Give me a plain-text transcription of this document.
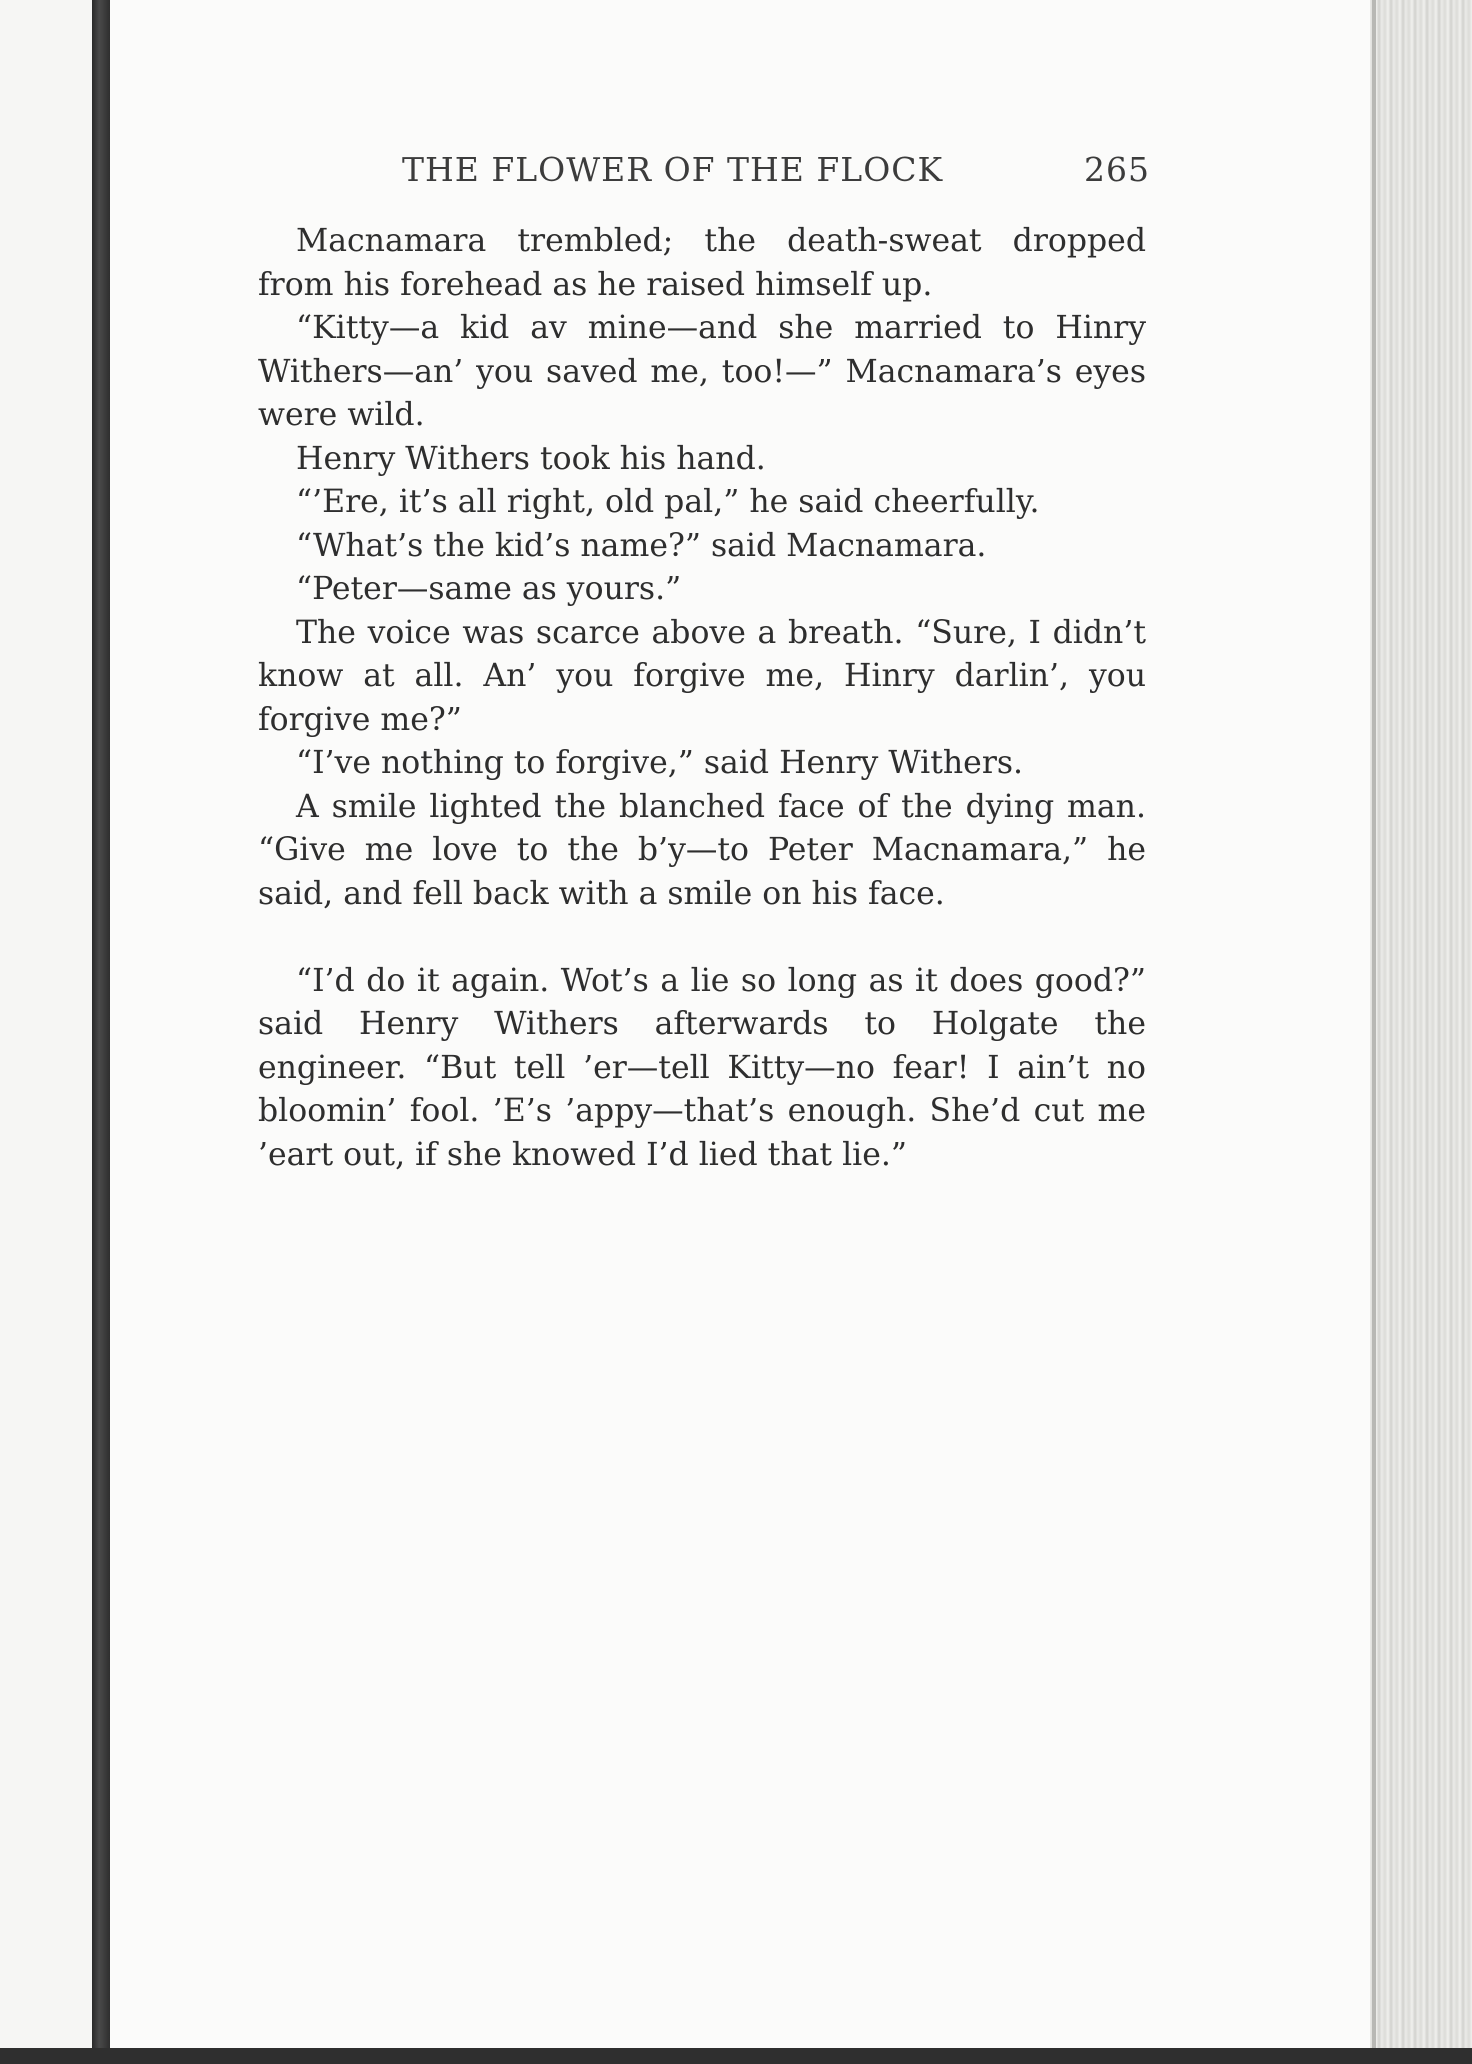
THE FLOWER OF THE FLOCK	265

Macnamara trembled; the death-sweat dropped from his forehead as he raised himself up.

“Kitty—a kid av mine—and she married to Hinry Withers—an’ you saved me, too!—” Macnamara’s eyes were wild.

Henry Withers took his hand.

“’Ere, it’s all right, old pal,” he said cheerfully.

“What’s the kid’s name?” said Macnamara.

“Peter—same as yours.”

The voice was scarce above a breath. “Sure, I didn’t know at all. An’ you forgive me, Hinry darlin’, you forgive me?”

“I’ve nothing to forgive,” said Henry Withers.

A smile lighted the blanched face of the dying man. “Give me love to the b’y—to Peter Macnamara,” he said, and fell back with a smile on his face.

“I’d do it again. Wot’s a lie so long as it does good?” said Henry Withers afterwards to Holgate the engineer. “But tell ’er—tell Kitty—no fear! I ain’t no bloomin’ fool. ’E’s ’appy—that’s enough. She’d cut me ’eart out, if she knowed I’d lied that lie.”
